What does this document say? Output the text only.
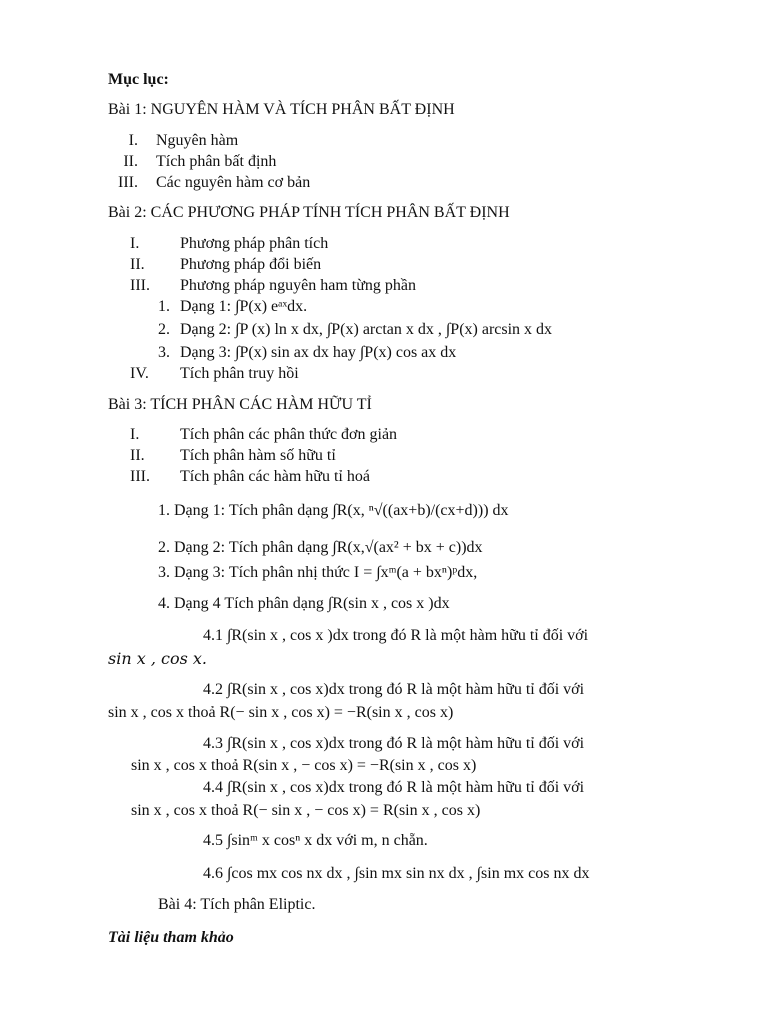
Mục lục:
Bài 1: NGUYÊN HÀM VÀ TÍCH PHÂN BẤT ĐỊNH
I. Nguyên hàm
II. Tích phân bất định
III. Các nguyên hàm cơ bản
Bài 2: CÁC PHƯƠNG PHÁP TÍNH TÍCH PHÂN BẤT ĐỊNH
I.	Phương pháp phân tích
II. Phương pháp đổi biến
III. Phương pháp nguyên ham từng phần
1. Dạng 1: ∫P(x) eᵃˣdx.
2. Dạng 2: ∫P (x) ln x dx, ∫P(x) arctan x dx , ∫P(x) arcsin x dx
3. Dạng 3: ∫P(x) sin ax dx hay ∫P(x) cos ax dx
IV. Tích phân truy hồi
Bài 3: TÍCH PHÂN CÁC HÀM HỮU TỈ
I.	Tích phân các phân thức đơn giản
II. Tích phân hàm số hữu tỉ
III. Tích phân các hàm hữu tỉ hoá
1. Dạng 1: Tích phân dạng ∫R(x, ⁿ√((ax+b)/(cx+d))) dx
2. Dạng 2: Tích phân dạng ∫R(x,√(ax² + bx + c))dx
3. Dạng 3: Tích phân nhị thức I = ∫xᵐ(a + bxⁿ)ᵖdx,
4. Dạng 4 Tích phân dạng ∫R(sin x , cos x )dx
4.1 ∫R(sin x , cos x )dx trong đó R là một hàm hữu tỉ đối với
sin x , cos x.
4.2 ∫R(sin x , cos x)dx trong đó R là một hàm hữu tỉ đối với
sin x , cos x thoả R(− sin x , cos x) = −R(sin x , cos x)
4.3 ∫R(sin x , cos x)dx trong đó R là một hàm hữu tỉ đối với
sin x , cos x thoả R(sin x , − cos x) = −R(sin x , cos x)
4.4 ∫R(sin x , cos x)dx trong đó R là một hàm hữu tỉ đối với
sin x , cos x thoả R(− sin x , − cos x) = R(sin x , cos x)
4.5 ∫sinᵐ x cosⁿ x dx với m, n chẵn.
4.6 ∫cos mx cos nx dx , ∫sin mx sin nx dx , ∫sin mx cos nx dx
Bài 4: Tích phân Eliptic.
Tài liệu tham khảo
